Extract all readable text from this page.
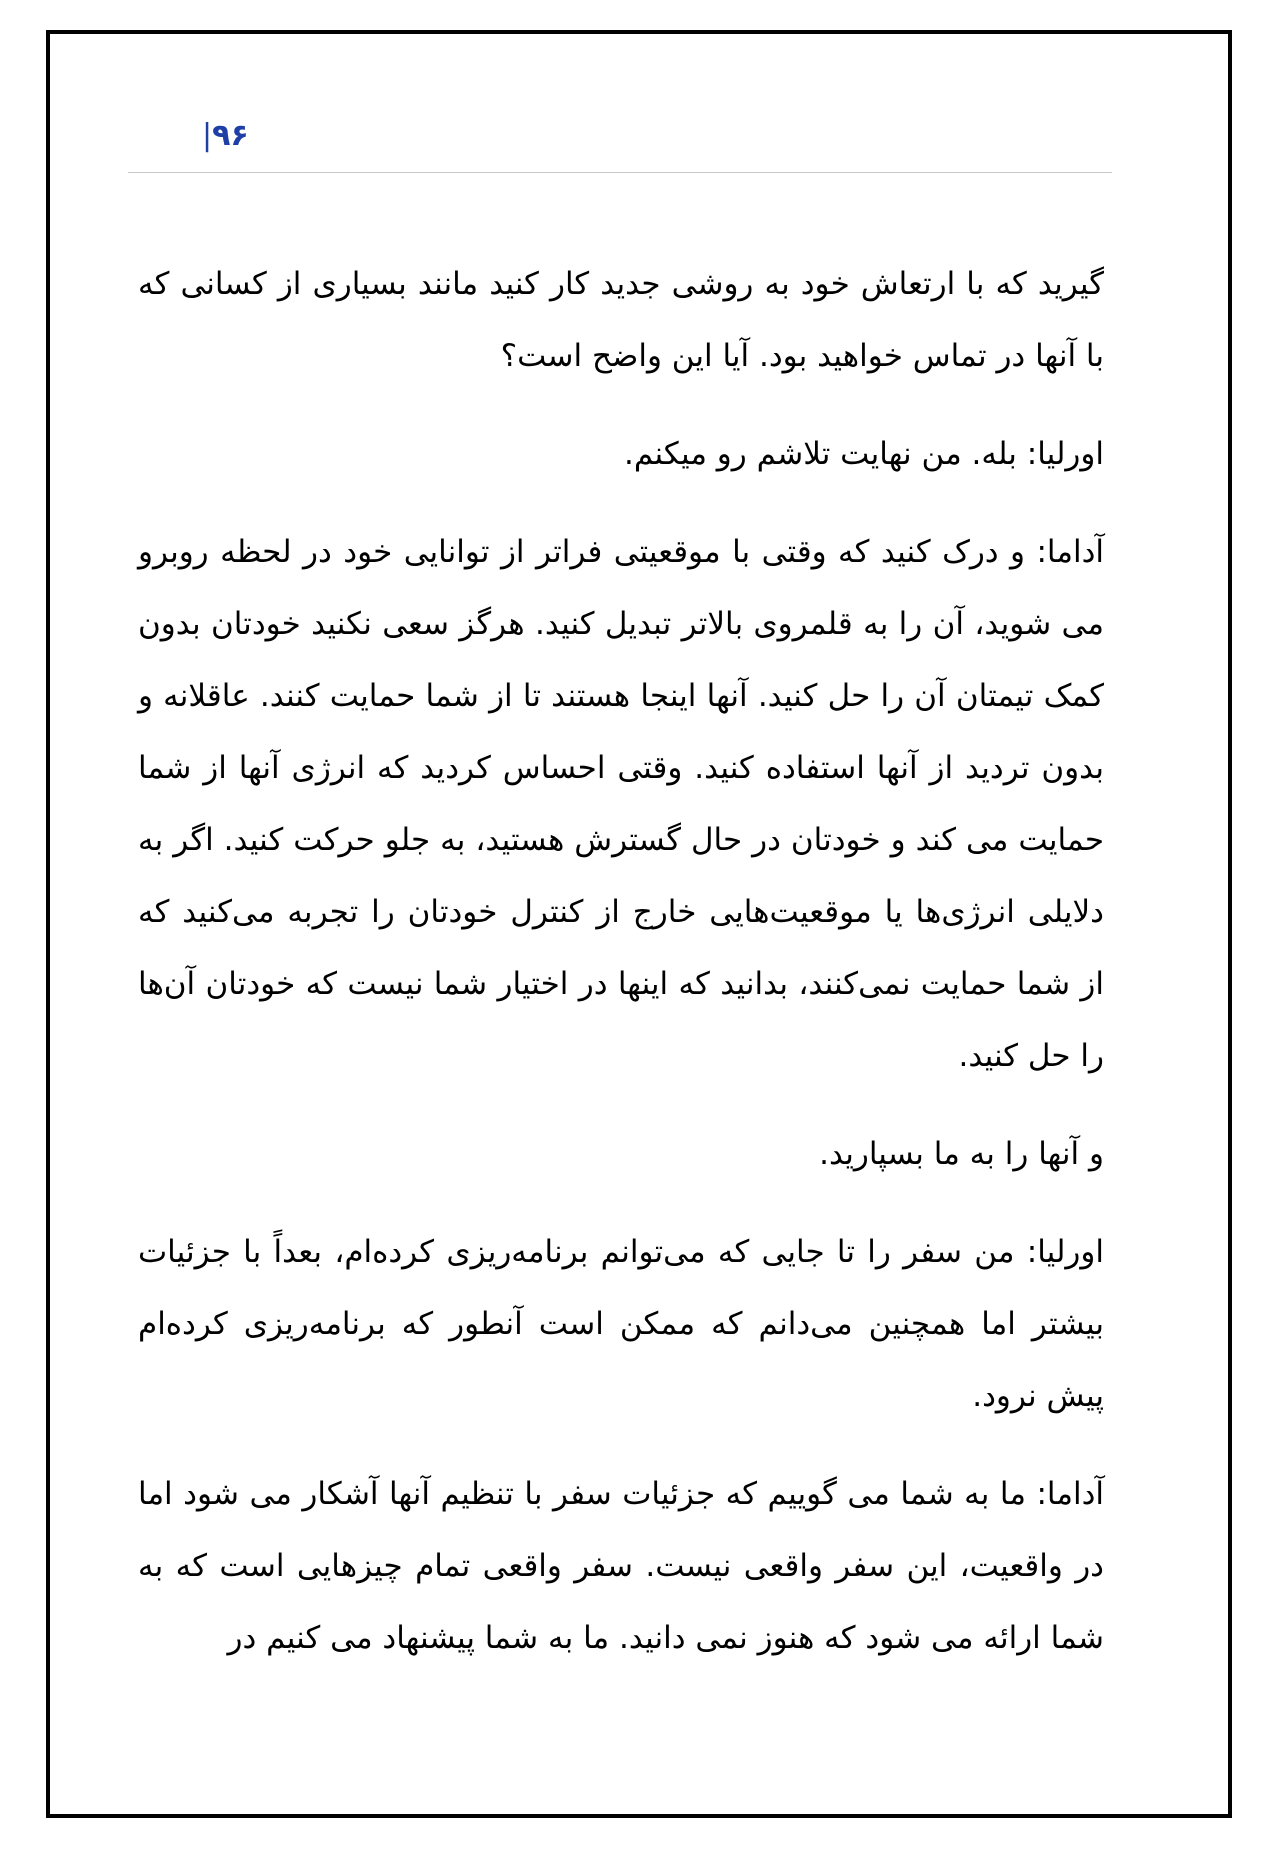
۹۶|

گیرید که با ارتعاش خود به روشی جدید کار کنید مانند بسیاری از کسانی که با آنها در تماس خواهید بود. آیا این واضح است؟

اورلیا: بله. من نهایت تلاشم رو میکنم.

آداما: و درک کنید که وقتی با موقعیتی فراتر از توانایی خود در لحظه روبرو می شوید، آن را به قلمروی بالاتر تبدیل کنید. هرگز سعی نکنید خودتان بدون کمک تیمتان آن را حل کنید. آنها اینجا هستند تا از شما حمایت کنند. عاقلانه و بدون تردید از آنها استفاده کنید. وقتی احساس کردید که انرژی آنها از شما حمایت می کند و خودتان در حال گسترش هستید، به جلو حرکت کنید. اگر به دلایلی انرژی‌ها یا موقعیت‌هایی خارج از کنترل خودتان را تجربه می‌کنید که از شما حمایت نمی‌کنند، بدانید که اینها در اختیار شما نیست که خودتان آن‌ها را حل کنید.

و آنها را به ما بسپارید.

اورلیا: من سفر را تا جایی که می‌توانم برنامه‌ریزی کرده‌ام، بعداً با جزئیات بیشتر اما همچنین می‌دانم که ممکن است آنطور که برنامه‌ریزی کرده‌ام پیش نرود.

آداما: ما به شما می گوییم که جزئیات سفر با تنظیم آنها آشکار می شود اما در واقعیت، این سفر واقعی نیست. سفر واقعی تمام چیزهایی است که به شما ارائه می شود که هنوز نمی دانید. ما به شما پیشنهاد می کنیم در
